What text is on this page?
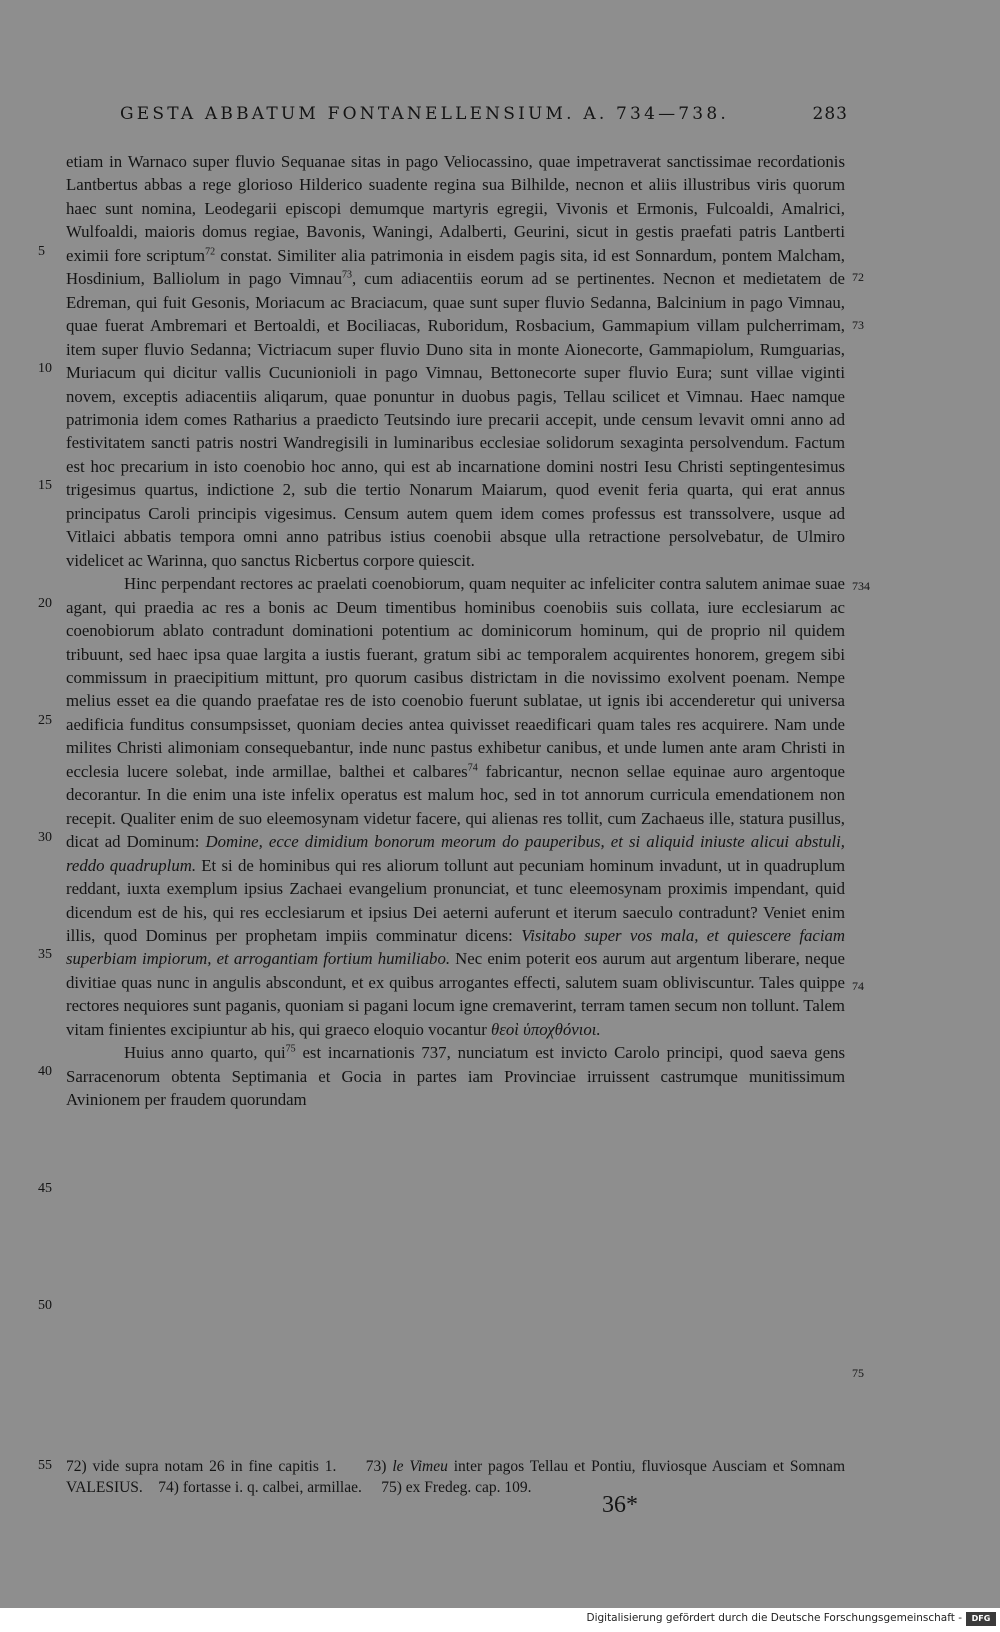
GESTA ABBATUM FONTANELLENSIUM. A. 734—738.	283

etiam in Warnaco super fluvio Sequanae sitas in pago Veliocassino, quae impetraverat sanctissimae recordationis Lantbertus abbas a rege glorioso Hilderico suadente regina sua Bilhilde, necnon et aliis illustribus viris quorum haec sunt nomina, Leodegarii episcopi demumque martyris egregii, Vivonis et Ermonis, Fulcoaldi, Amalrici, Wulfoaldi, maioris domus regiae, Bavonis, Waningi, Adalberti, Geurini, sicut in gestis praefati patris Lantberti eximii fore scriptum$^{72}$ constat. Similiter alia patrimonia in eisdem pagis sita, id est Sonnardum, pontem Malcham, Hosdinium, Balliolum in pago Vimnau$^{73}$, cum adiacentiis eorum ad se pertinentes. Necnon et medietatem de Edreman, qui fuit Gesonis, Moriacum ac Braciacum, quae sunt super fluvio Sedanna, Balcinium in pago Vimnau, quae fuerat Ambremari et Bertoaldi, et Bociliacas, Ruboridum, Rosbacium, Gammapium villam pulcherrimam, item super fluvio Sedanna; Victriacum super fluvio Duno sita in monte Aionecorte, Gammapiolum, Rumguarias, Muriacum qui dicitur vallis Cucunionioli in pago Vimnau, Bettonecorte super fluvio Eura; sunt villae viginti novem, exceptis adiacentiis aliqarum, quae ponuntur in duobus pagis, Tellau scilicet et Vimnau. Haec namque patrimonia idem comes Ratharius a praedicto Teutsindo iure precarii accepit, unde censum levavit omni anno ad festivitatem sancti patris nostri Wandregisili in luminaribus ecclesiae solidorum sexaginta persolvendum. Factum est hoc precarium in isto coenobio hoc anno, qui est ab incarnatione domini nostri Iesu Christi septingentesimus trigesimus quartus, indictione 2, sub die tertio Nonarum Maiarum, quod evenit feria quarta, qui erat annus principatus Caroli principis vigesimus. Censum autem quem idem comes professus est transsolvere, usque ad Vitlaici abbatis tempora omni anno patribus istius coenobii absque ulla retractione persolvebatur, de Ulmiro videlicet ac Warinna, quo sanctus Ricbertus corpore quiescit.

Hinc perpendant rectores ac praelati coenobiorum, quam nequiter ac infeliciter contra salutem animae suae agant, qui praedia ac res a bonis ac Deum timentibus hominibus coenobiis suis collata, iure ecclesiarum ac coenobiorum ablato contradunt dominationi potentium ac dominicorum hominum, qui de proprio nil quidem tribuunt, sed haec ipsa quae largita a iustis fuerant, gratum sibi ac temporalem acquirentes honorem, gregem sibi commissum in praecipitium mittunt, pro quorum casibus districtam in die novissimo exolvent poenam. Nempe melius esset ea die quando praefatae res de isto coenobio fuerunt sublatae, ut ignis ibi accenderetur qui universa aedificia funditus consumpsisset, quoniam decies antea quivisset reaedificari quam tales res acquirere. Nam unde milites Christi alimoniam consequebantur, inde nunc pastus exhibetur canibus, et unde lumen ante aram Christi in ecclesia lucere solebat, inde armillae, balthei et calbares$^{74}$ fabricantur, necnon sellae equinae auro argentoque decorantur. In die enim una iste infelix operatus est malum hoc, sed in tot annorum curricula emendationem non recepit. Qualiter enim de suo eleemosynam videtur facere, qui alienas res tollit, cum Zachaeus ille, statura pusillus, dicat ad Dominum: Domine, ecce dimidium bonorum meorum do pauperibus, et si aliquid iniuste alicui abstuli, reddo quadruplum. Et si de hominibus qui res aliorum tollunt aut pecuniam hominum invadunt, ut in quadruplum reddant, iuxta exemplum ipsius Zachaei evangelium pronunciat, et tunc eleemosynam proximis impendant, quid dicendum est de his, qui res ecclesiarum et ipsius Dei aeterni auferunt et iterum saeculo contradunt? Veniet enim illis, quod Dominus per prophetam impiis comminatur dicens: Visitabo super vos mala, et quiescere faciam superbiam impiorum, et arrogantiam fortium humiliabo. Nec enim poterit eos aurum aut argentum liberare, neque divitiae quas nunc in angulis abscondunt, et ex quibus arrogantes effecti, salutem suam obliviscuntur. Tales quippe rectores nequiores sunt paganis, quoniam si pagani locum igne cremaverint, terram tamen secum non tollunt. Talem vitam finientes excipiuntur ab his, qui graeco eloquio vocantur θεοὶ ὑποχθόνιοι.

Huius anno quarto, qui$^{75}$ est incarnationis 737, nunciatum est invicto Carolo principi, quod saeva gens Sarracenorum obtenta Septimania et Gocia in partes iam Provinciae irruissent castrumque munitissimum Avinionem per fraudem quorundam

5
10
15
20
25
30
35
40
45
50
55
72
73
734
74
75

72) vide supra notam 26 in fine capitis 1. 73) le Vimeu inter pagos Tellau et Pontiu, fluviosque Ausciam et Somnam VALESIUS. 74) fortasse i. q. calbei, armillae. 75) ex Fredeg. cap. 109.

36*
Digitalisierung gefördert durch die Deutsche Forschungsgemeinschaft -	DFG
